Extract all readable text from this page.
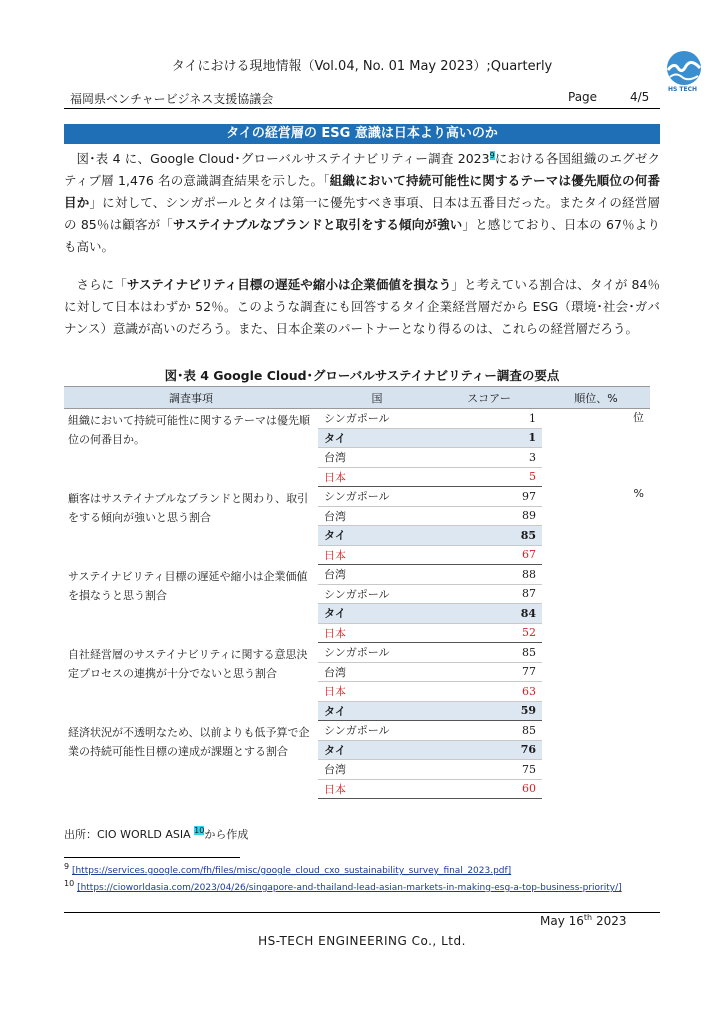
タイにおける現地情報（Vol.04, No. 01 May 2023）;Quarterly
HS TECH
福岡県ベンチャービジネス支援協議会	Page	4/5
タイの経営層の ESG 意識は日本より高いのか
図･表 4 に、Google Cloud･グローバルサステイナビリティー調査 2023$^9$における各国組織のエグゼクティブ層 1,476 名の意識調査結果を示した。「組織において持続可能性に関するテーマは優先順位の何番目か」に対して、シンガポールとタイは第一に優先すべき事項、日本は五番目だった。またタイの経営層の 85％は顧客が「サステイナブルなブランドと取引をする傾向が強い」と感じており、日本の 67％よりも高い。
さらに「サステイナビリティ目標の遅延や縮小は企業価値を損なう」と考えている割合は、タイが 84％に対して日本はわずか 52％。このような調査にも回答するタイ企業経営層だから ESG（環境･社会･ガバナンス）意識が高いのだろう。また、日本企業のパートナーとなり得るのは、これらの経営層だろう。
図･表 4 Google Cloud･グローバルサステイナビリティー調査の要点
調査事項	国	スコアー	順位、%
組織において持続可能性に関するテーマは優先順位の何番目か。	シンガポール	1	位
	タイ	1	
	台湾	3	
	日本	5	
顧客はサステイナブルなブランドと関わり、取引をする傾向が強いと思う割合	シンガポール	97	%
	台湾	89	
	タイ	85	
	日本	67	
サステイナビリティ目標の遅延や縮小は企業価値を損なうと思う割合	台湾	88	
	シンガポール	87	
	タイ	84	
	日本	52	
自社経営層のサステイナビリティに関する意思決定プロセスの連携が十分でないと思う割合	シンガポール	85	
	台湾	77	
	日本	63	
	タイ	59	
経済状況が不透明なため、以前よりも低予算で企業の持続可能性目標の達成が課題とする割合	シンガポール	85	
	タイ	76	
	台湾	75	
	日本	60	
出所：CIO WORLD ASIA $^{10}$から作成
$^9$ [https://services.google.com/fh/files/misc/google_cloud_cxo_sustainability_survey_final_2023.pdf]
$^{10}$ [https://cioworldasia.com/2023/04/26/singapore-and-thailand-lead-asian-markets-in-making-esg-a-top-business-priority/]
May 16th 2023
HS-TECH ENGINEERING Co., Ltd.
